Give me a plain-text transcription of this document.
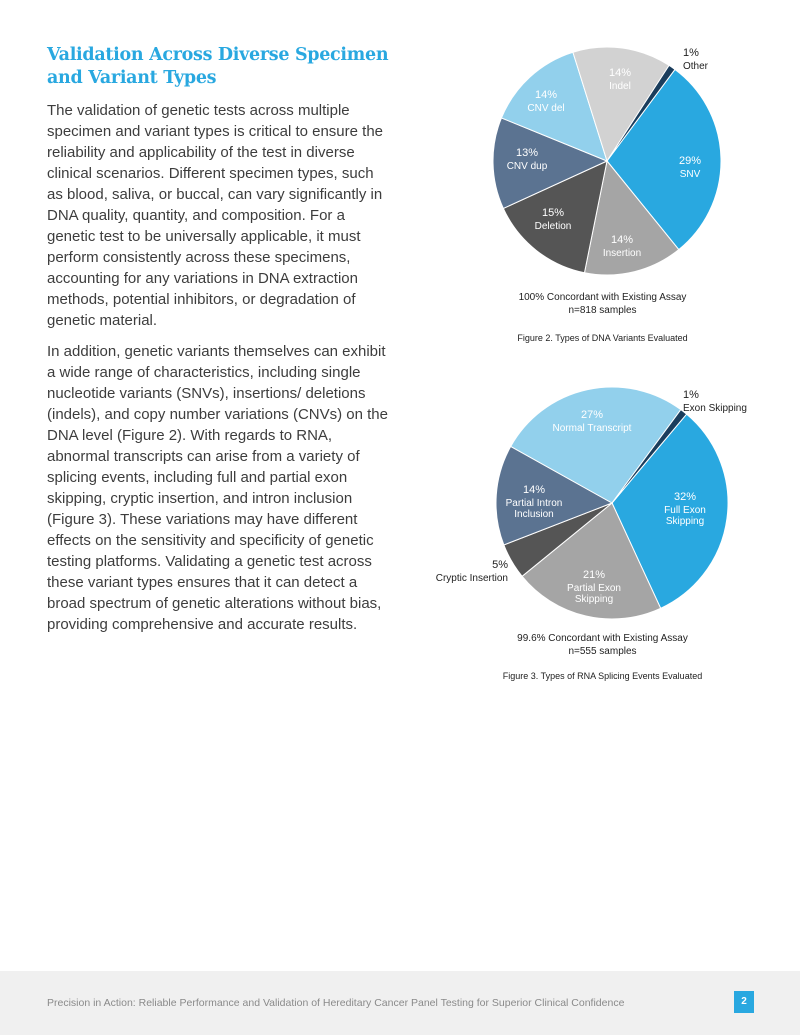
Validation Across Diverse Specimen and Variant Types

The validation of genetic tests across multiple specimen and variant types is critical to ensure the reliability and applicability of the test in diverse clinical scenarios. Different specimen types, such as blood, saliva, or buccal, can vary significantly in DNA quality, quantity, and composition. For a genetic test to be universally applicable, it must perform consistently across these specimens, accounting for any variations in DNA extraction methods, potential inhibitors, or degradation of genetic material.

In addition, genetic variants themselves can exhibit a wide range of characteristics, including single nucleotide variants (SNVs), insertions/ deletions (indels), and copy number variations (CNVs) on the DNA level (Figure 2). With regards to RNA, abnormal transcripts can arise from a variety of splicing events, including full and partial exon skipping, cryptic insertion, and intron inclusion (Figure 3). These variations may have different effects on the sensitivity and specificity of genetic testing platforms. Validating a genetic test across these variant types ensures that it can detect a broad spectrum of genetic alterations without bias, providing comprehensive and accurate results.

29%
SNV
14%
Insertion
15%
Deletion
13%
CNV dup
14%
CNV del
14%
Indel
1%
Other
100% Concordant with Existing Assay
n=818 samples
Figure 2. Types of DNA Variants Evaluated
32%
Full Exon
Skipping
21%
Partial Exon
Skipping
5%
Cryptic Insertion
14%
Partial Intron
Inclusion
27%
Normal Transcript
1%
Exon Skipping
99.6% Concordant with Existing Assay
n=555 samples
Figure 3. Types of RNA Splicing Events Evaluated
Precision in Action: Reliable Performance and Validation of Hereditary Cancer Panel Testing for Superior Clinical Confidence	2
